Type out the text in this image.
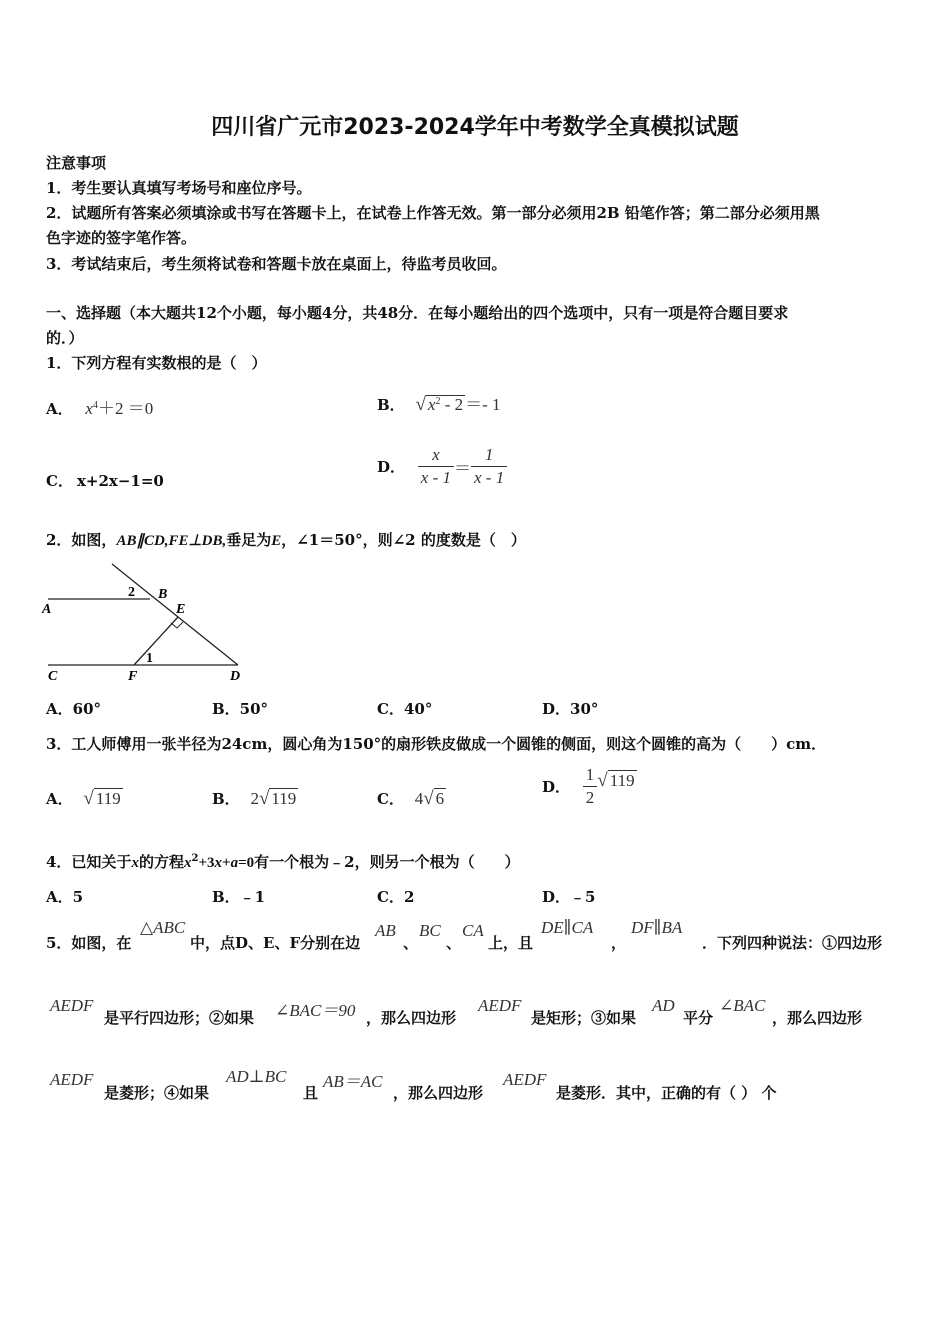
四川省广元市2023-2024学年中考数学全真模拟试题
注意事项
1．考生要认真填写考场号和座位序号。
2．试题所有答案必须填涂或书写在答题卡上，在试卷上作答无效。第一部分必须用2B 铅笔作答；第二部分必须用黑
色字迹的签字笔作答。
3．考试结束后，考生须将试卷和答题卡放在桌面上，待监考员收回。
一、选择题（本大题共12个小题，每小题4分，共48分．在每小题给出的四个选项中，只有一项是符合题目要求
的．）
1．下列方程有实数根的是（　）
A． $x^4+2 =0$	B． √ $x^2 - 2 =- 1$
C． x+2x−1=0
D． $\frac{x}{x - 1} = \frac{1}{x - 1}$
2．如图，AB∥CD,FE⊥DB,垂足为E，∠1＝50°，则∠2 的度数是（　）
A
B
E
2
1
C	F	D
A．60°	B．50°	C．40°	D．30°
3．工人师傅用一张半径为24cm，圆心角为150°的扇形铁皮做成一个圆锥的侧面，则这个圆锥的高为（　　）cm．
A． √ 119	B． 2√ 119	C． 4√ 6
D． $\frac{1}{2}$ √ 119
4．已知关于x的方程$x^2+3x+a=0$有一个根为﹣2，则另一个根为（　　）
A．5	B．﹣1	C．2	D．﹣5
5．如图，在
△ABC
中，点D、E、F分别在边
AB
、
BC
、
CA
上，且
DE∥CA
，
DF∥BA
．下列四种说法：①四边形
AEDF
是平行四边形；②如果 ∠BAC＝90 ，那么四边形
AEDF
是矩形；③如果
AD
平分
∠BAC
，那么四边形
AEDF
是菱形；④如果
AD⊥BC
且
AB＝AC
，那么四边形
AEDF
是菱形．其中，正确的有（ ） 个
